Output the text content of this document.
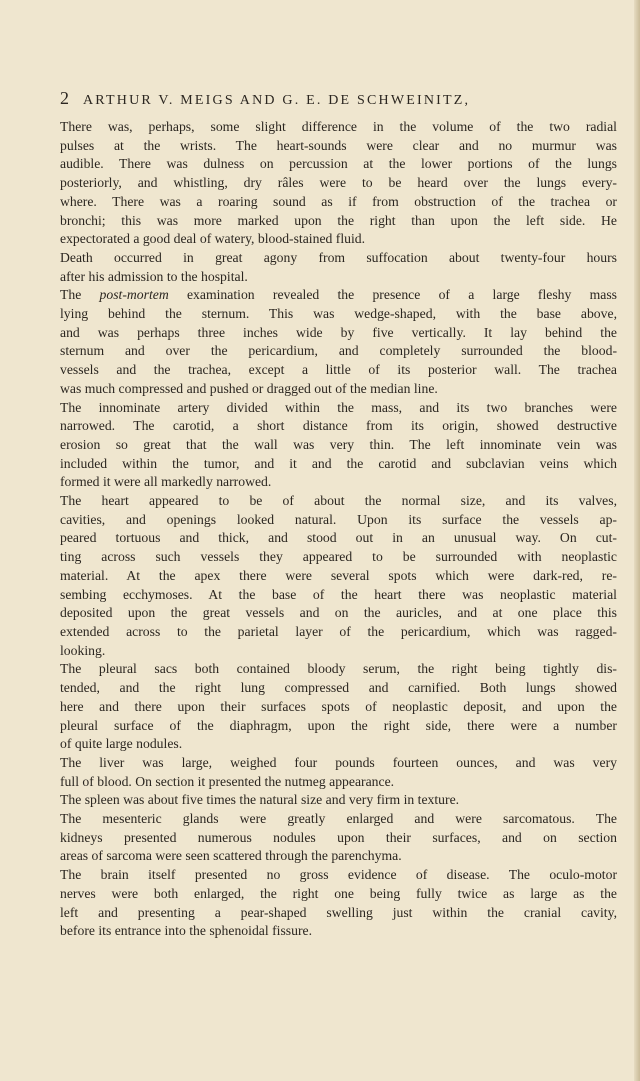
2 ARTHUR V. MEIGS AND G. E. DE SCHWEINITZ,

There was, perhaps, some slight difference in the volume of the two radial
pulses at the wrists. The heart-sounds were clear and no murmur was
audible. There was dulness on percussion at the lower portions of the lungs
posteriorly, and whistling, dry râles were to be heard over the lungs every-
where. There was a roaring sound as if from obstruction of the trachea or
bronchi; this was more marked upon the right than upon the left side. He
expectorated a good deal of watery, blood-stained fluid.

Death occurred in great agony from suffocation about twenty-four hours
after his admission to the hospital.

The post-mortem examination revealed the presence of a large fleshy mass
lying behind the sternum. This was wedge-shaped, with the base above,
and was perhaps three inches wide by five vertically. It lay behind the
sternum and over the pericardium, and completely surrounded the blood-
vessels and the trachea, except a little of its posterior wall. The trachea
was much compressed and pushed or dragged out of the median line.

The innominate artery divided within the mass, and its two branches were
narrowed. The carotid, a short distance from its origin, showed destructive
erosion so great that the wall was very thin. The left innominate vein was
included within the tumor, and it and the carotid and subclavian veins which
formed it were all markedly narrowed.

The heart appeared to be of about the normal size, and its valves,
cavities, and openings looked natural. Upon its surface the vessels ap-
peared tortuous and thick, and stood out in an unusual way. On cut-
ting across such vessels they appeared to be surrounded with neoplastic
material. At the apex there were several spots which were dark-red, re-
sembing ecchymoses. At the base of the heart there was neoplastic material
deposited upon the great vessels and on the auricles, and at one place this
extended across to the parietal layer of the pericardium, which was ragged-
looking.

The pleural sacs both contained bloody serum, the right being tightly dis-
tended, and the right lung compressed and carnified. Both lungs showed
here and there upon their surfaces spots of neoplastic deposit, and upon the
pleural surface of the diaphragm, upon the right side, there were a number
of quite large nodules.

The liver was large, weighed four pounds fourteen ounces, and was very
full of blood. On section it presented the nutmeg appearance.

The spleen was about five times the natural size and very firm in texture.

The mesenteric glands were greatly enlarged and were sarcomatous. The
kidneys presented numerous nodules upon their surfaces, and on section
areas of sarcoma were seen scattered through the parenchyma.

The brain itself presented no gross evidence of disease. The oculo-motor
nerves were both enlarged, the right one being fully twice as large as the
left and presenting a pear-shaped swelling just within the cranial cavity,
before its entrance into the sphenoidal fissure.
